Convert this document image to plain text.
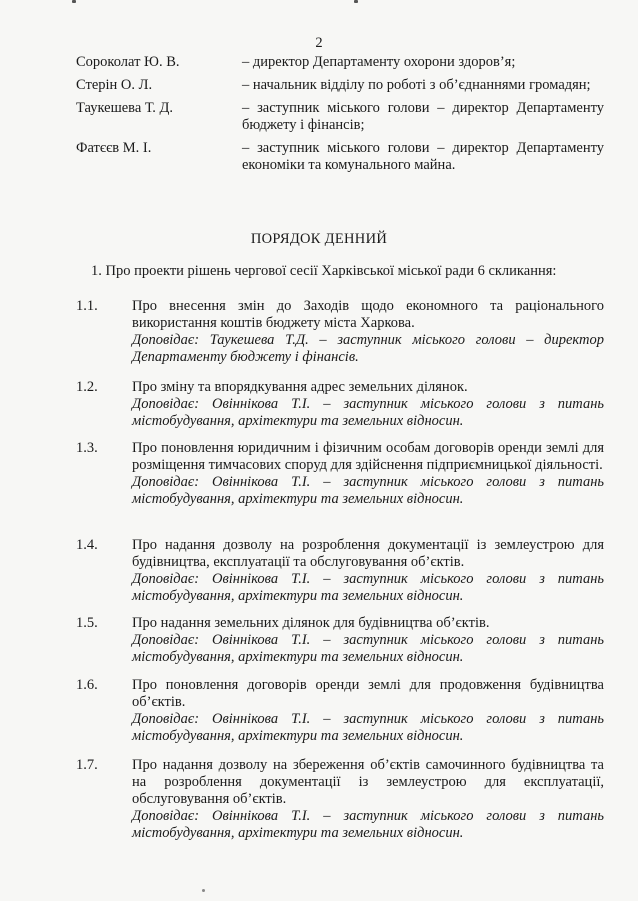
2
Сороколат Ю. В.	– директор Департаменту охорони здоров’я;
Стерін О. Л.	– начальник відділу по роботі з об’єднаннями громадян;
Таукешева Т. Д.	– заступник міського голови – директор Департаменту бюджету і фінансів;
Фатєєв М. І.	– заступник міського голови – директор Департаменту економіки та комунального майна.
ПОРЯДОК ДЕННИЙ
1. Про проекти рішень чергової сесії Харківської міської ради 6 скликання:
1.1.	Про внесення змін до Заходів щодо економного та раціонального використання коштів бюджету міста Харкова.
Доповідає: Таукешева Т.Д. – заступник міського голови – директор Департаменту бюджету і фінансів.
1.2.	Про зміну та впорядкування адрес земельних ділянок.
Доповідає: Овіннікова Т.І. – заступник міського голови з питань містобудування, архітектури та земельних відносин.
1.3.	Про поновлення юридичним і фізичним особам договорів оренди землі для розміщення тимчасових споруд для здійснення підприємницької діяльності.
Доповідає: Овіннікова Т.І. – заступник міського голови з питань містобудування, архітектури та земельних відносин.
1.4.	Про надання дозволу на розроблення документації із землеустрою для будівництва, експлуатації та обслуговування об’єктів.
Доповідає: Овіннікова Т.І. – заступник міського голови з питань містобудування, архітектури та земельних відносин.
1.5.	Про надання земельних ділянок для будівництва об’єктів.
Доповідає: Овіннікова Т.І. – заступник міського голови з питань містобудування, архітектури та земельних відносин.
1.6.	Про поновлення договорів оренди землі для продовження будівництва об’єктів.
Доповідає: Овіннікова Т.І. – заступник міського голови з питань містобудування, архітектури та земельних відносин.
1.7.	Про надання дозволу на збереження об’єктів самочинного будівництва та на розроблення документації із землеустрою для експлуатації, обслуговування об’єктів.
Доповідає: Овіннікова Т.І. – заступник міського голови з питань містобудування, архітектури та земельних відносин.
